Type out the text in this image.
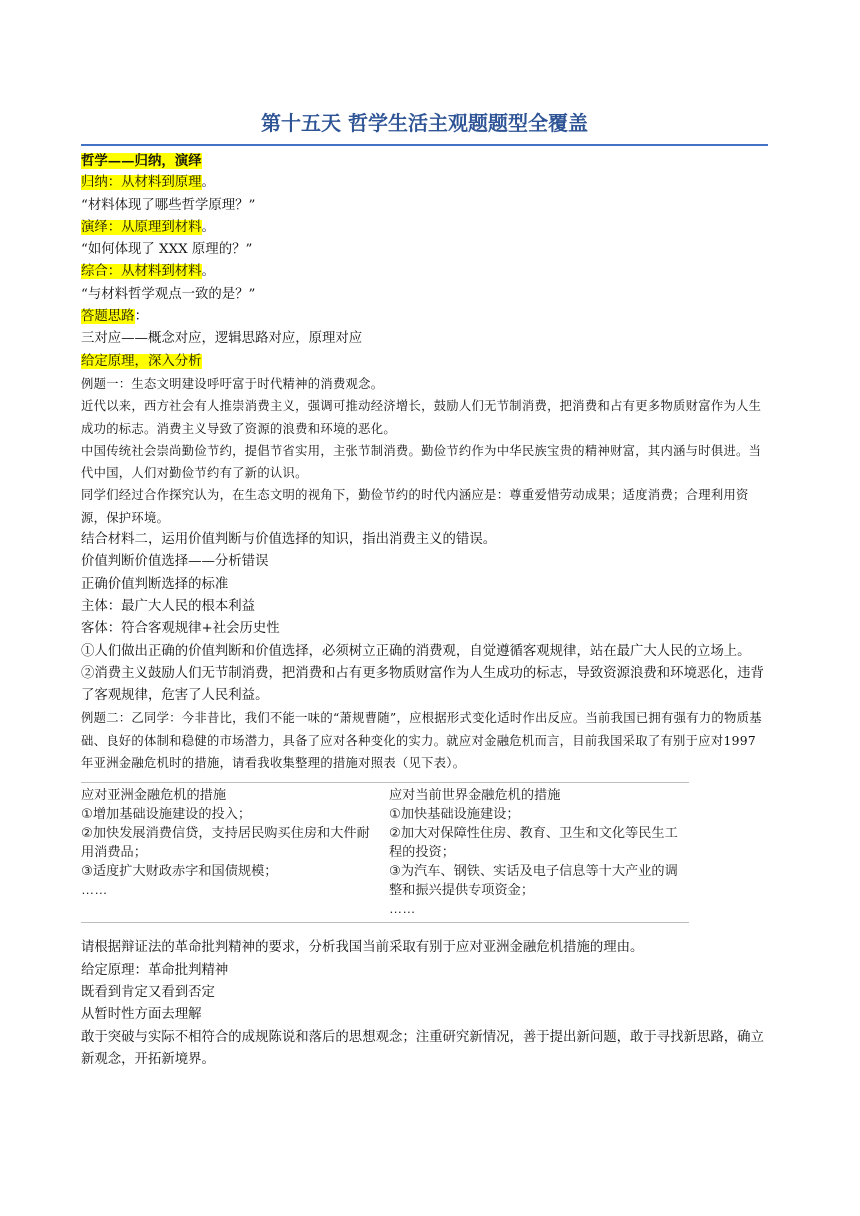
第十五天 哲学生活主观题题型全覆盖
哲学——归纳，演绎
归纳：从材料到原理。
“材料体现了哪些哲学原理？”
演绎：从原理到材料。
“如何体现了 XXX 原理的？”
综合：从材料到材料。
“与材料哲学观点一致的是？”
答题思路：
三对应——概念对应，逻辑思路对应，原理对应
给定原理，深入分析
例题一：生态文明建设呼吁富于时代精神的消费观念。
近代以来，西方社会有人推崇消费主义，强调可推动经济增长，鼓励人们无节制消费，把消费和占有更多物质财富作为人生成功的标志。消费主义导致了资源的浪费和环境的恶化。
中国传统社会崇尚勤俭节约，提倡节省实用，主张节制消费。勤俭节约作为中华民族宝贵的精神财富，其内涵与时俱进。当代中国，人们对勤俭节约有了新的认识。
同学们经过合作探究认为，在生态文明的视角下，勤俭节约的时代内涵应是：尊重爱惜劳动成果；适度消费；合理利用资源，保护环境。
结合材料二，运用价值判断与价值选择的知识，指出消费主义的错误。
价值判断价值选择——分析错误
正确价值判断选择的标准
主体：最广大人民的根本利益
客体：符合客观规律+社会历史性
①人们做出正确的价值判断和价值选择，必须树立正确的消费观，自觉遵循客观规律，站在最广大人民的立场上。
②消费主义鼓励人们无节制消费，把消费和占有更多物质财富作为人生成功的标志，导致资源浪费和环境恶化，违背了客观规律，危害了人民利益。
例题二：乙同学：今非昔比，我们不能一味的“萧规曹随”，应根据形式变化适时作出反应。当前我国已拥有强有力的物质基础、良好的体制和稳健的市场潜力，具备了应对各种变化的实力。就应对金融危机而言，目前我国采取了有别于应对1997年亚洲金融危机时的措施，请看我收集整理的措施对照表（见下表）。
应对亚洲金融危机的措施
①增加基础设施建设的投入；
②加快发展消费信贷，支持居民购买住房和大件耐用消费品；
③适度扩大财政赤字和国债规模；
……
应对当前世界金融危机的措施
①加快基础设施建设；
②加大对保障性住房、教育、卫生和文化等民生工程的投资；
③为汽车、钢铁、实话及电子信息等十大产业的调整和振兴提供专项资金；
……
请根据辩证法的革命批判精神的要求，分析我国当前采取有别于应对亚洲金融危机措施的理由。
给定原理：革命批判精神
既看到肯定又看到否定
从暂时性方面去理解
敢于突破与实际不相符合的成规陈说和落后的思想观念；注重研究新情况，善于提出新问题，敢于寻找新思路，确立新观念，开拓新境界。
